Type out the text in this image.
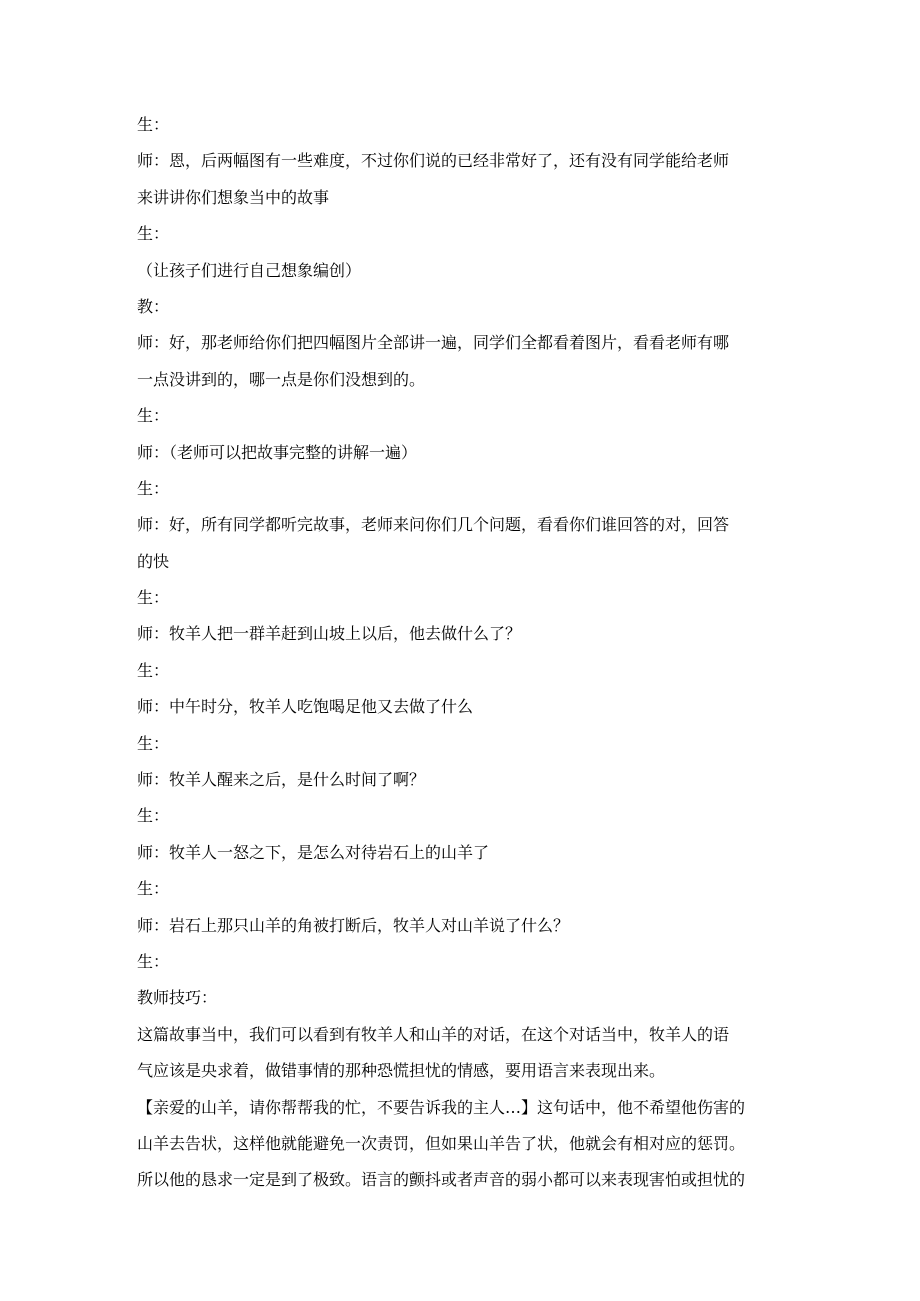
生：

师：恩，后两幅图有一些难度，不过你们说的已经非常好了，还有没有同学能给老师

来讲讲你们想象当中的故事

生：

（让孩子们进行自己想象编创）

教：

师：好，那老师给你们把四幅图片全部讲一遍，同学们全都看着图片，看看老师有哪

一点没讲到的，哪一点是你们没想到的。

生：

师：（老师可以把故事完整的讲解一遍）

生：

师：好，所有同学都听完故事，老师来问你们几个问题，看看你们谁回答的对，回答

的快

生：

师：牧羊人把一群羊赶到山坡上以后，他去做什么了？

生：

师：中午时分，牧羊人吃饱喝足他又去做了什么

生：

师：牧羊人醒来之后，是什么时间了啊？

生：

师：牧羊人一怒之下，是怎么对待岩石上的山羊了

生：

师：岩石上那只山羊的角被打断后，牧羊人对山羊说了什么？

生：

教师技巧：

这篇故事当中，我们可以看到有牧羊人和山羊的对话，在这个对话当中，牧羊人的语

气应该是央求着，做错事情的那种恐慌担忧的情感，要用语言来表现出来。

【亲爱的山羊，请你帮帮我的忙，不要告诉我的主人…】这句话中，他不希望他伤害的

山羊去告状，这样他就能避免一次责罚，但如果山羊告了状，他就会有相对应的惩罚。

所以他的恳求一定是到了极致。语言的颤抖或者声音的弱小都可以来表现害怕或担忧的
